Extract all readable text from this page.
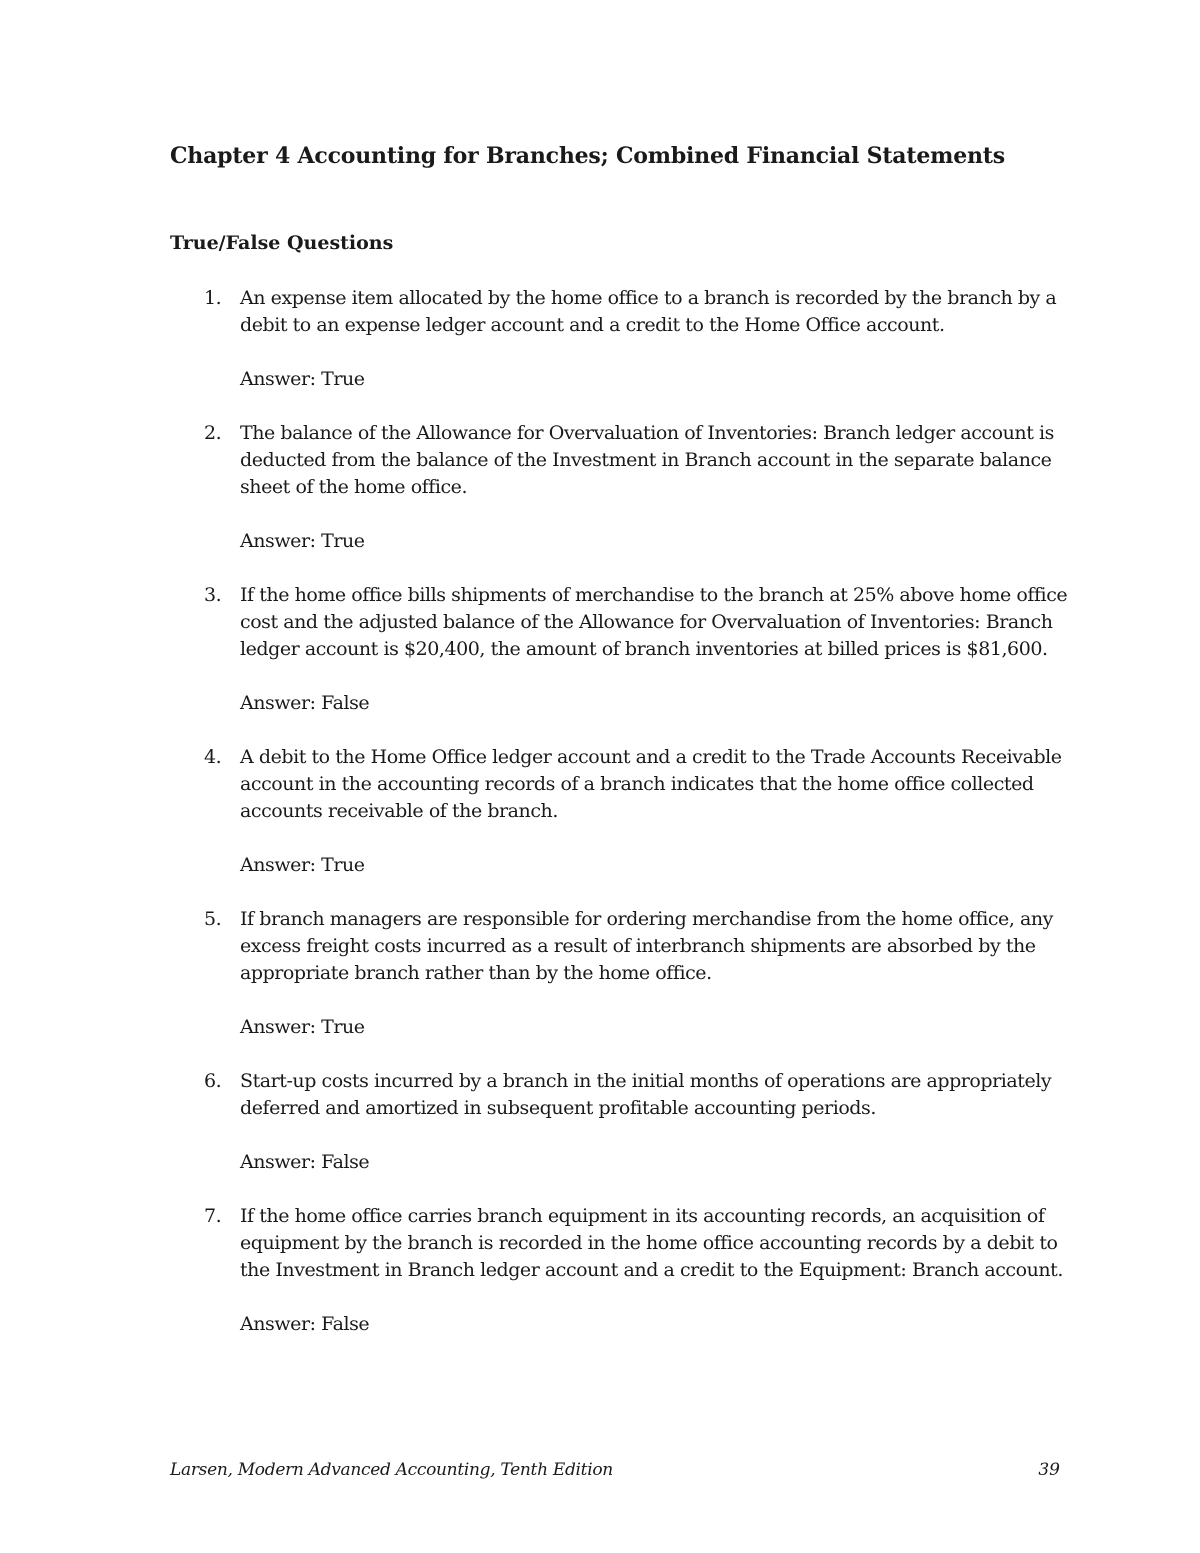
Chapter 4 Accounting for Branches; Combined Financial Statements
True/False Questions
1. An expense item allocated by the home office to a branch is recorded by the branch by a debit to an expense ledger account and a credit to the Home Office account.
Answer: True
2. The balance of the Allowance for Overvaluation of Inventories: Branch ledger account is deducted from the balance of the Investment in Branch account in the separate balance sheet of the home office.
Answer: True
3. If the home office bills shipments of merchandise to the branch at 25% above home office cost and the adjusted balance of the Allowance for Overvaluation of Inventories: Branch ledger account is $20,400, the amount of branch inventories at billed prices is $81,600.
Answer: False
4. A debit to the Home Office ledger account and a credit to the Trade Accounts Receivable account in the accounting records of a branch indicates that the home office collected accounts receivable of the branch.
Answer: True
5. If branch managers are responsible for ordering merchandise from the home office, any excess freight costs incurred as a result of interbranch shipments are absorbed by the appropriate branch rather than by the home office.
Answer: True
6. Start-up costs incurred by a branch in the initial months of operations are appropriately deferred and amortized in subsequent profitable accounting periods.
Answer: False
7. If the home office carries branch equipment in its accounting records, an acquisition of equipment by the branch is recorded in the home office accounting records by a debit to the Investment in Branch ledger account and a credit to the Equipment: Branch account.
Answer: False
Larsen, Modern Advanced Accounting, Tenth Edition	39
